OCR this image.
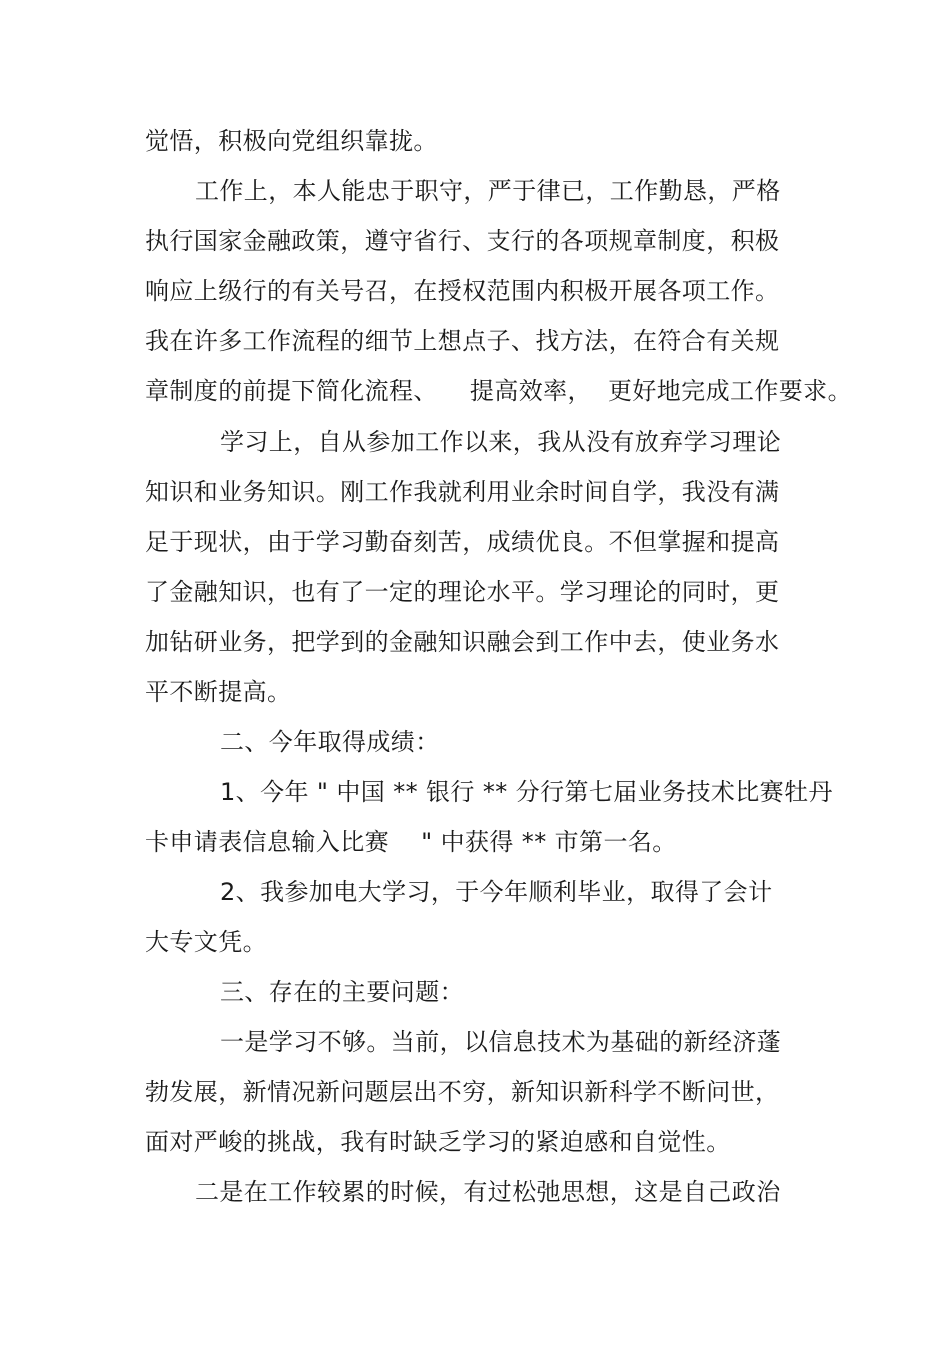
觉悟，积极向党组织靠拢。
工作上，本人能忠于职守，严于律已，工作勤恳，严格
执行国家金融政策，遵守省行、支行的各项规章制度，积极
响应上级行的有关号召，在授权范围内积极开展各项工作。
我在许多工作流程的细节上想点子、找方法，在符合有关规
章制度的前提下简化流程、    提高效率，  更好地完成工作要求。
学习上，自从参加工作以来，我从没有放弃学习理论
知识和业务知识。刚工作我就利用业余时间自学，我没有满
足于现状，由于学习勤奋刻苦，成绩优良。不但掌握和提高
了金融知识，也有了一定的理论水平。学习理论的同时，更
加钻研业务，把学到的金融知识融会到工作中去，使业务水
平不断提高。
二、今年取得成绩：
1、今年 " 中国 ** 银行 ** 分行第七届业务技术比赛牡丹
卡申请表信息输入比赛    " 中获得 ** 市第一名。
2、我参加电大学习，于今年顺利毕业，取得了会计
大专文凭。
三、存在的主要问题：
一是学习不够。当前，以信息技术为基础的新经济蓬
勃发展，新情况新问题层出不穷，新知识新科学不断问世，
面对严峻的挑战，我有时缺乏学习的紧迫感和自觉性。
二是在工作较累的时候，有过松弛思想，这是自己政治
